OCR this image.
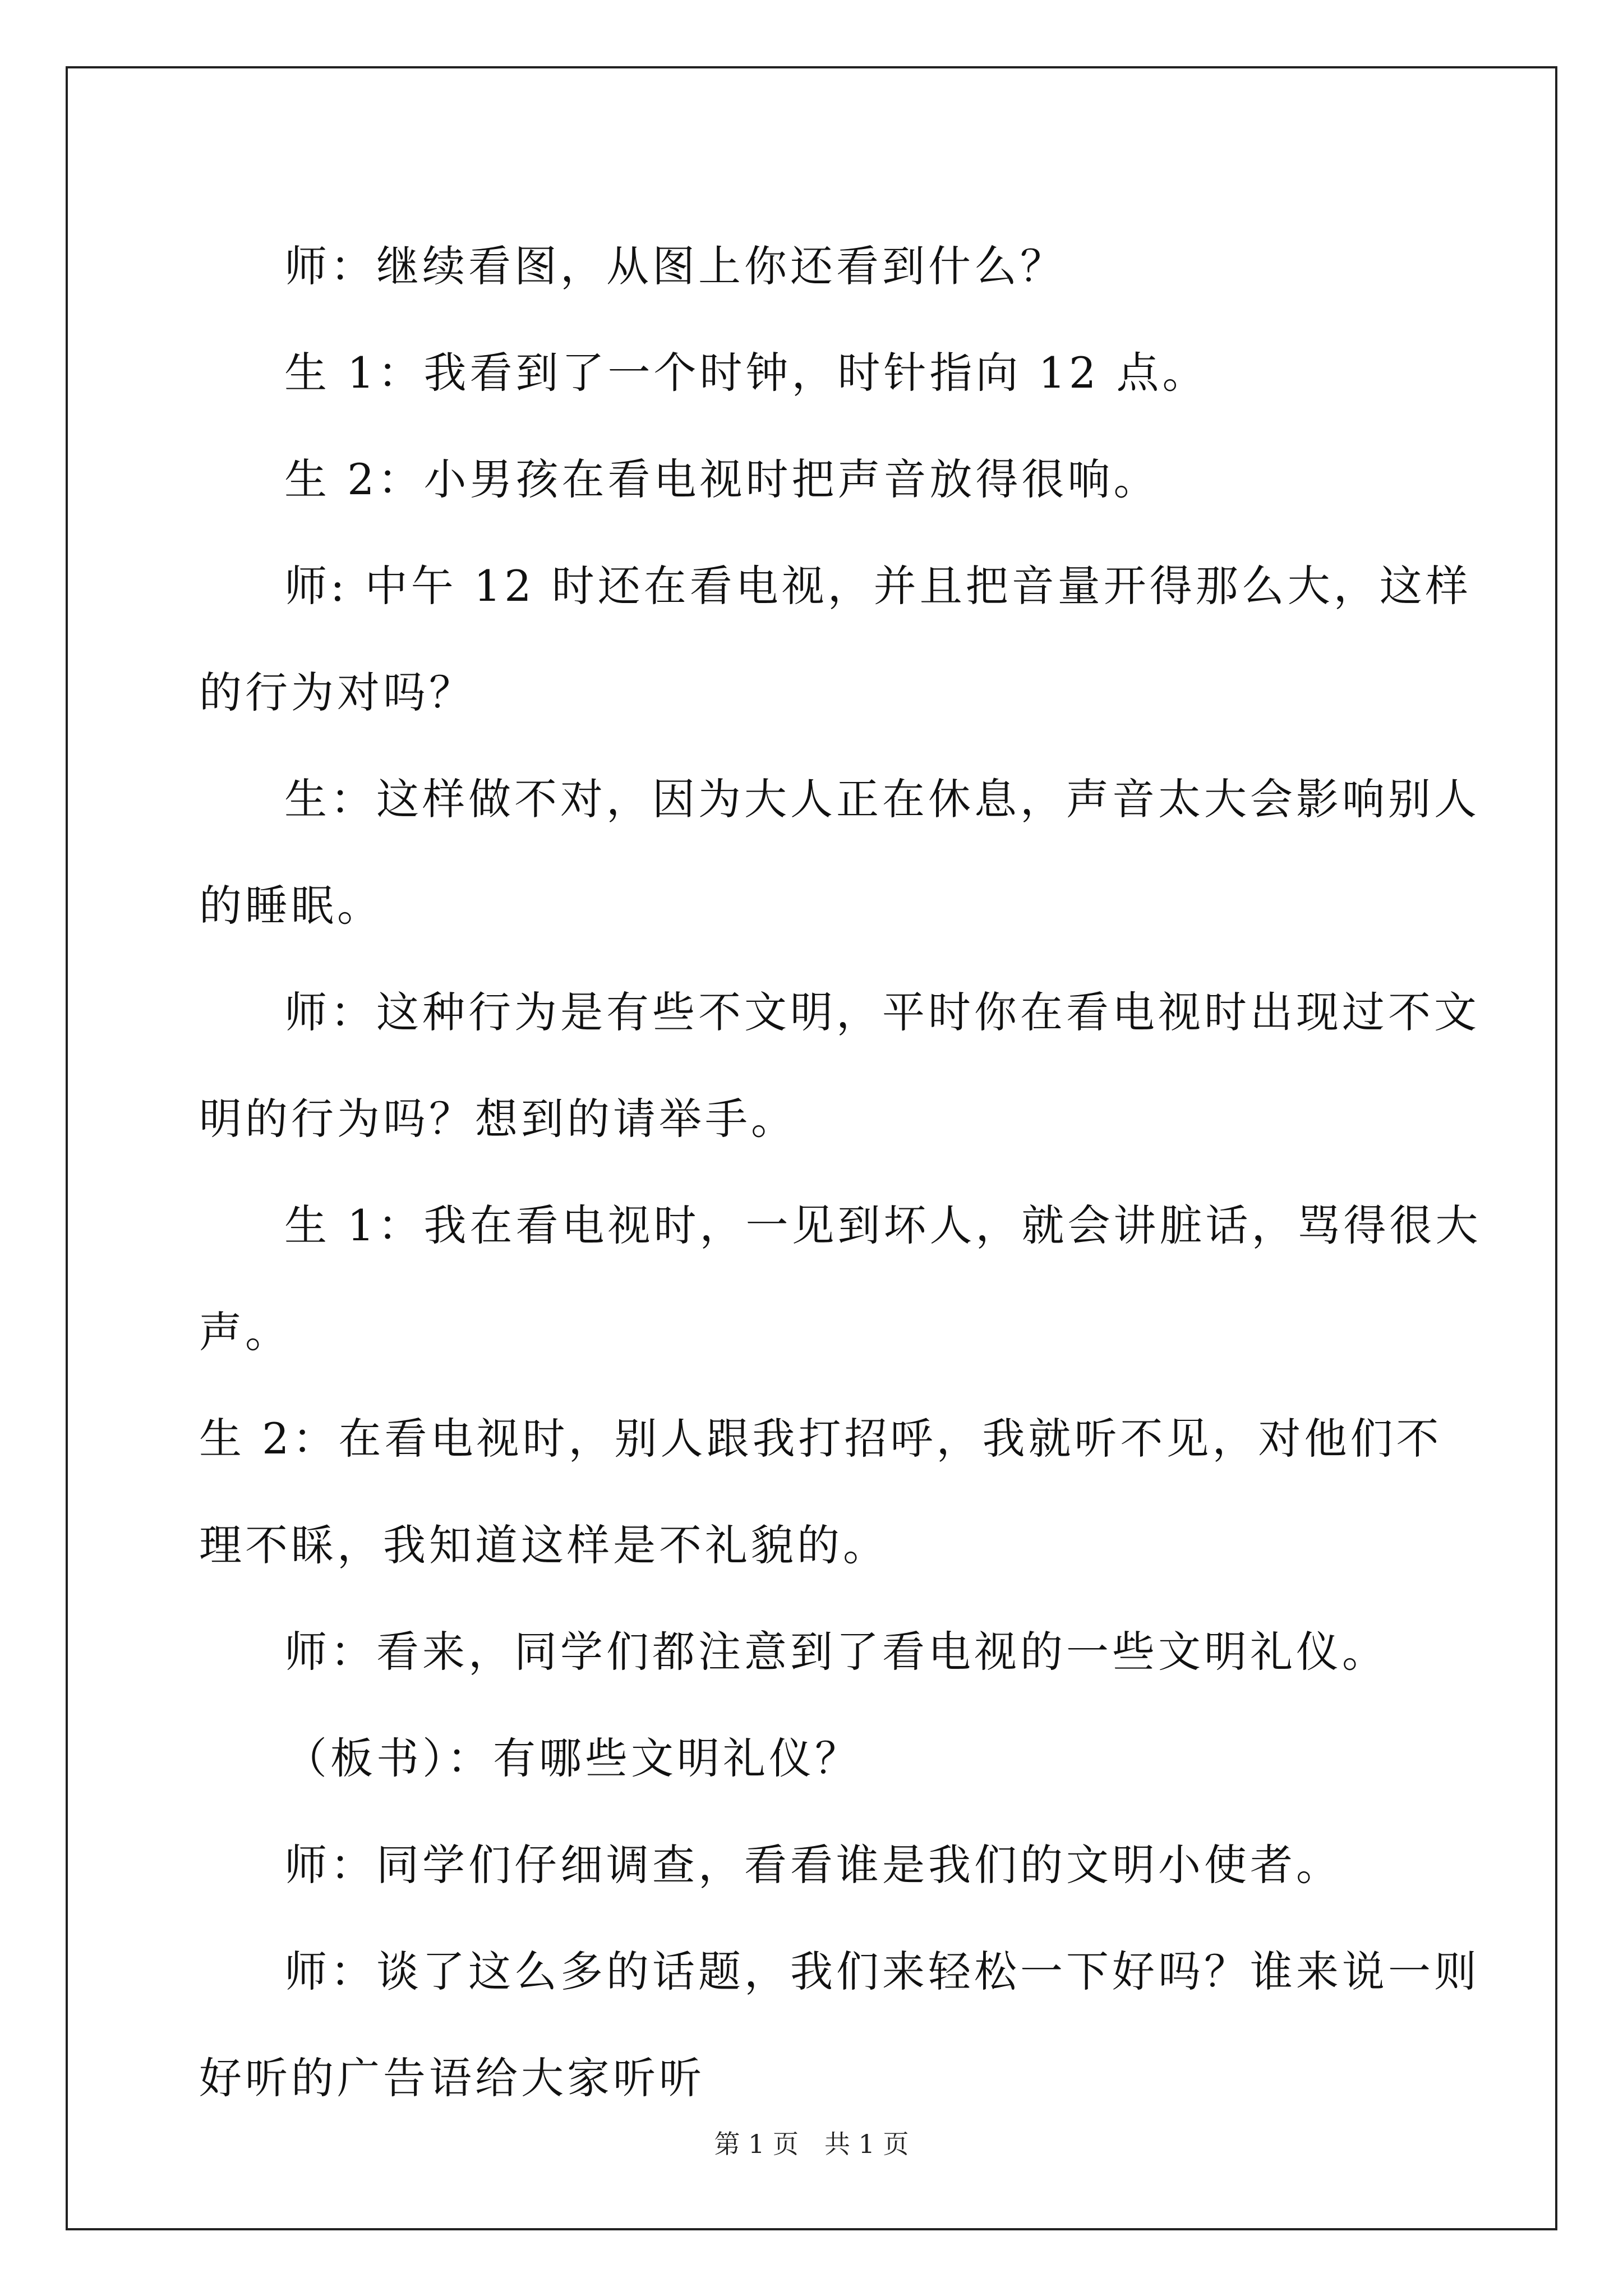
师：继续看图，从图上你还看到什么？

生 1：我看到了一个时钟，时针指向 12 点。

生 2：小男孩在看电视时把声音放得很响。

师: 中午 12 时还在看电视，并且把音量开得那么大，这样的行为对吗？

生：这样做不对，因为大人正在休息，声音太大会影响别人的睡眠。

师：这种行为是有些不文明，平时你在看电视时出现过不文明的行为吗？想到的请举手。

生 1：我在看电视时，一见到坏人，就会讲脏话，骂得很大声。

生 2：在看电视时，别人跟我打招呼，我就听不见，对他们不理不睬，我知道这样是不礼貌的。

师：看来，同学们都注意到了看电视的一些文明礼仪。

（板书）：有哪些文明礼仪？

师：同学们仔细调查，看看谁是我们的文明小使者。

师：谈了这么多的话题，我们来轻松一下好吗？谁来说一则好听的广告语给大家听听

第 1 页　共 1 页
